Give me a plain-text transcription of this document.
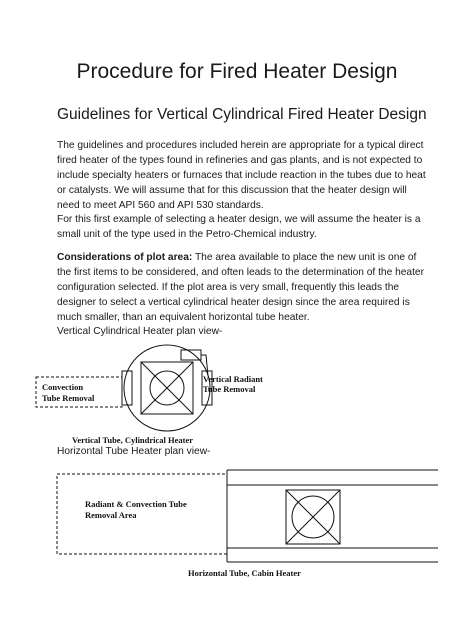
Procedure for Fired Heater Design
Guidelines for Vertical Cylindrical Fired Heater Design

The guidelines and procedures included herein are appropriate for a typical direct fired heater of the types found in refineries and gas plants, and is not expected to include specialty heaters or furnaces that include reaction in the tubes due to heat or catalysts. We will assume that for this discussion that the heater design will need to meet API 560 and API 530 standards.

For this first example of selecting a heater design, we will assume the heater is a small unit of the type used in the Petro-Chemical industry.

Considerations of plot area: The area available to place the new unit is one of the first items to be considered, and often leads to the determination of the heater configuration selected. If the plot area is very small, frequently this leads the designer to select a vertical cylindrical heater design since the area required is much smaller, than an equivalent horizontal tube heater.

Vertical Cylindrical Heater plan view-

Vertical Radiant
Tube Removal
Convection
Tube Removal
Vertical Tube, Cylindrical Heater
Radiant & Convection Tube
Removal Area
Horizontal Tube, Cabin Heater

Horizontal Tube Heater plan view-
